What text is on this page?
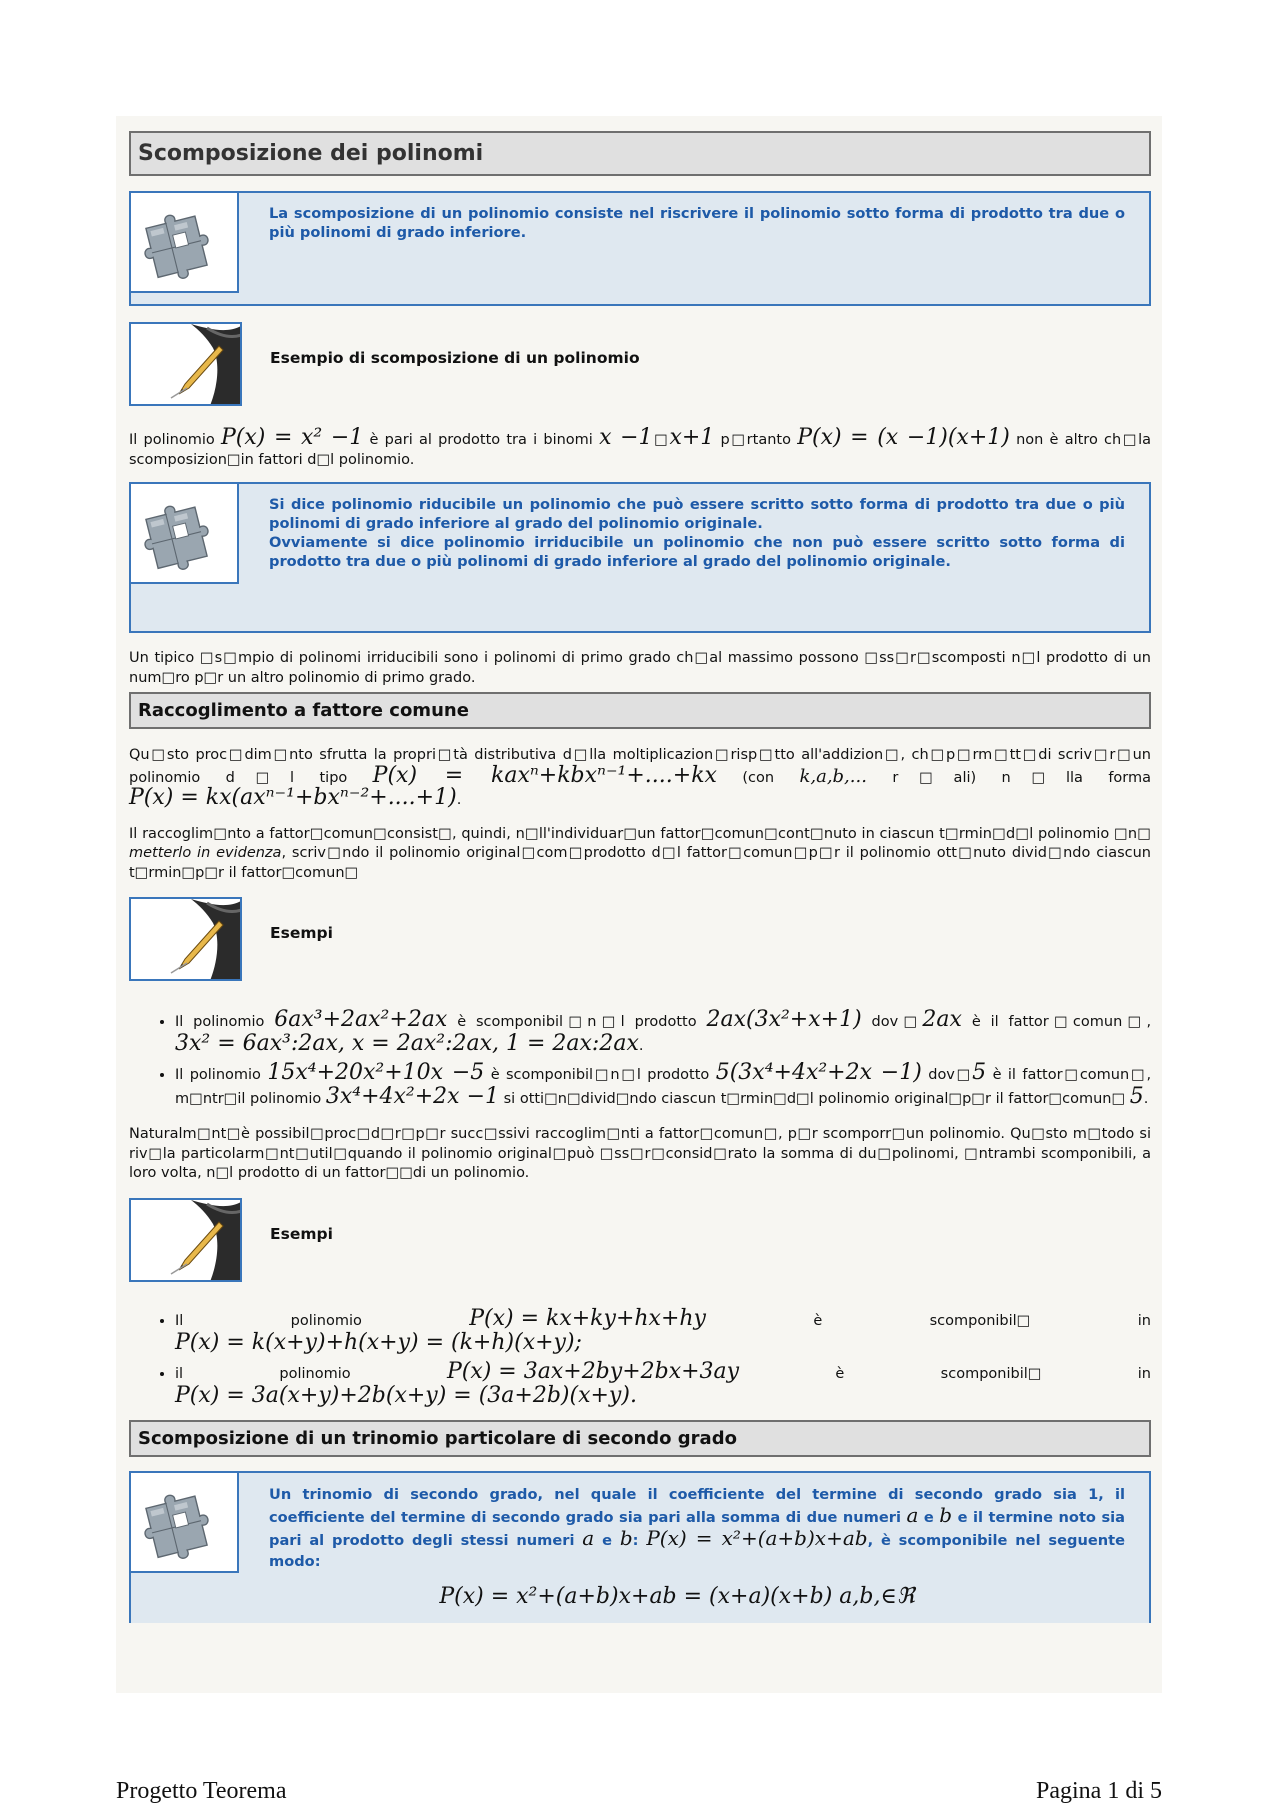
Scomposizione dei polinomi

La scomposizione di un polinomio consiste nel riscrivere il polinomio sotto forma di prodotto tra due o più polinomi di grado inferiore.

Esempio di scomposizione di un polinomio

Il polinomio P(x) = x² −1 è pari al prodotto tra i binomi x −1□x+1 p□rtanto P(x) = (x −1)(x+1) non è altro ch□la scomposizion□in fattori d□l polinomio.

Si dice polinomio riducibile un polinomio che può essere scritto sotto forma di prodotto tra due o più polinomi di grado inferiore al grado del polinomio originale.

Ovviamente si dice polinomio irriducibile un polinomio che non può essere scritto sotto forma di prodotto tra due o più polinomi di grado inferiore al grado del polinomio originale.

Un tipico □s□mpio di polinomi irriducibili sono i polinomi di primo grado ch□al massimo possono □ss□r□scomposti n□l prodotto di un num□ro p□r un altro polinomio di primo grado.

Raccoglimento a fattore comune

Qu□sto proc□dim□nto sfrutta la propri□tà distributiva d□lla moltiplicazion□risp□tto all'addizion□, ch□p□rm□tt□di scriv□r□un polinomio d□l tipo P(x) = kaxⁿ+kbxⁿ⁻¹+....+kx (con k,a,b,... r□ali) n□lla forma P(x) = kx(axⁿ⁻¹+bxⁿ⁻²+....+1).

Il raccoglim□nto a fattor□comun□consist□, quindi, n□ll'individuar□un fattor□comun□cont□nuto in ciascun t□rmin□d□l polinomio □n□ metterlo in evidenza, scriv□ndo il polinomio original□com□prodotto d□l fattor□comun□p□r il polinomio ott□nuto divid□ndo ciascun t□rmin□p□r il fattor□comun□

Esempi
• Il polinomio 6ax³+2ax²+2ax è scomponibil□n□l prodotto 2ax(3x²+x+1) dov□2ax è il fattor□comun□, 3x² = 6ax³:2ax, x = 2ax²:2ax, 1 = 2ax:2ax.
• Il polinomio 15x⁴+20x²+10x −5 è scomponibil□n□l prodotto 5(3x⁴+4x²+2x −1) dov□5 è il fattor□comun□, m□ntr□il polinomio 3x⁴+4x²+2x −1 si otti□n□divid□ndo ciascun t□rmin□d□l polinomio original□p□r il fattor□comun□ 5.

Naturalm□nt□è possibil□proc□d□r□p□r succ□ssivi raccoglim□nti a fattor□comun□, p□r scomporr□un polinomio. Qu□sto m□todo si riv□la particolarm□nt□util□quando il polinomio original□può □ss□r□consid□rato la somma di du□polinomi, □ntrambi scomponibili, a loro volta, n□l prodotto di un fattor□□di un polinomio.

Esempi
• Il	polinomio	P(x) = kx+ky+hx+hy	è	scomponibil□	in
P(x) = k(x+y)+h(x+y) = (k+h)(x+y);
• il	polinomio	P(x) = 3ax+2by+2bx+3ay	è	scomponibil□	in
P(x) = 3a(x+y)+2b(x+y) = (3a+2b)(x+y).
Scomposizione di un trinomio particolare di secondo grado

Un trinomio di secondo grado, nel quale il coefficiente del termine di secondo grado sia 1, il coefficiente del termine di secondo grado sia pari alla somma di due numeri a e b e il termine noto sia pari al prodotto degli stessi numeri a e b: P(x) = x²+(a+b)x+ab, è scomponibile nel seguente modo:

P(x) = x²+(a+b)x+ab = (x+a)(x+b) a,b,∈ℜ
Progetto Teorema	Pagina 1 di 5
